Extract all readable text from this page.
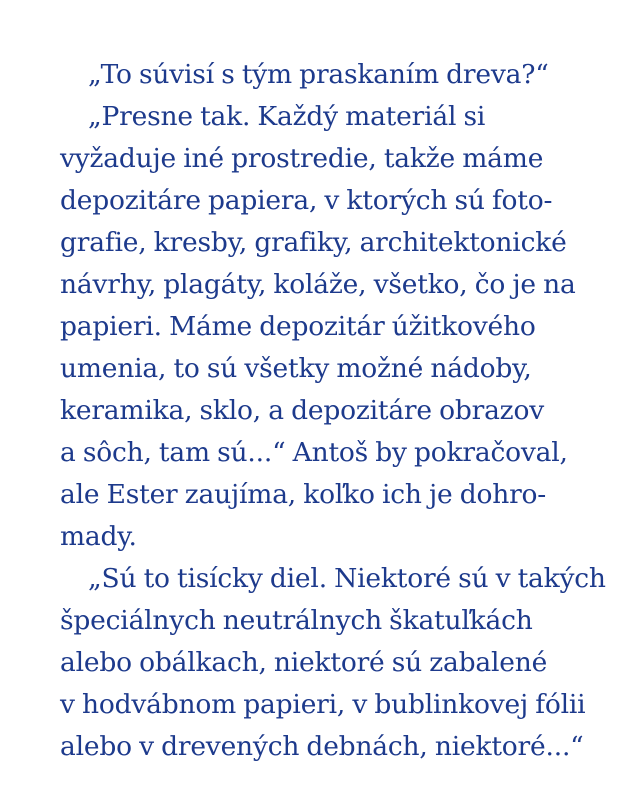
„To súvisí s tým praskaním dreva?“
„Presne tak. Každý materiál si
vyžaduje iné prostredie, takže máme
depozitáre papiera, v ktorých sú foto-
grafie, kresby, grafiky, architektonické
návrhy, plagáty, koláže, všetko, čo je na
papieri. Máme depozitár úžitkového
umenia, to sú všetky možné nádoby,
keramika, sklo, a depozitáre obrazov
a sôch, tam sú...“ Antoš by pokračoval,
ale Ester zaujíma, koľko ich je dohro-
mady.
„Sú to tisícky diel. Niektoré sú v takých
špeciálnych neutrálnych škatuľkách
alebo obálkach, niektoré sú zabalené
v hodvábnom papieri, v bublinkovej fólii
alebo v drevených debnách, niektoré...“
